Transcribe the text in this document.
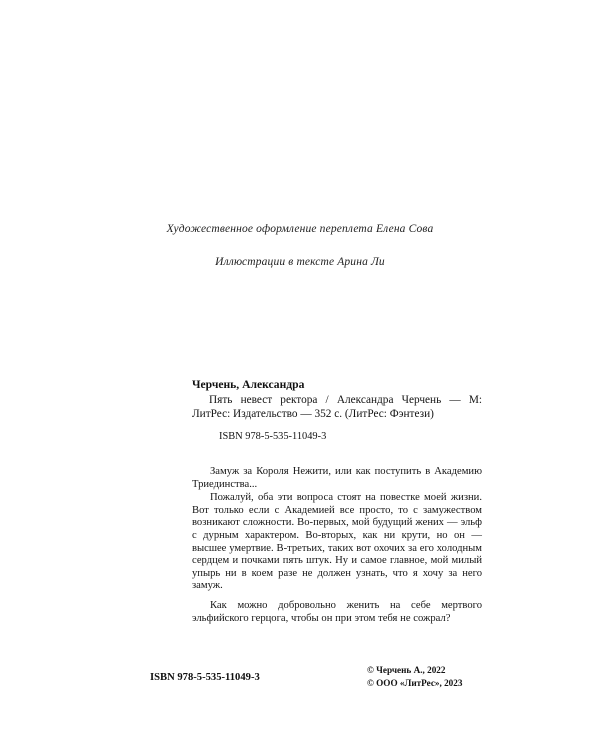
Художественное оформление переплета Елена Сова
Иллюстрации в тексте Арина Ли
Черчень, Александра

Пять невест ректора / Александра Черчень — М: ЛитРес: Издательство — 352 с. (ЛитРес: Фэнтези)

ISBN 978-5-535-11049-3

Замуж за Короля Нежити, или как поступить в Академию Триединства...

Пожалуй, оба эти вопроса стоят на повестке моей жизни. Вот только если с Академией все просто, то с замужеством возникают сложности. Во-первых, мой будущий жених — эльф с дурным характером. Во-вторых, как ни крути, но он — высшее умертвие. В-третьих, таких вот охочих за его холодным сердцем и почками пять штук. Ну и самое главное, мой милый упырь ни в коем разе не должен узнать, что я хочу за него замуж.

Как можно добровольно женить на себе мертвого эльфийского герцога, чтобы он при этом тебя не сожрал?

ISBN 978-5-535-11049-3
© Черчень А., 2022
© ООО «ЛитРес», 2023
